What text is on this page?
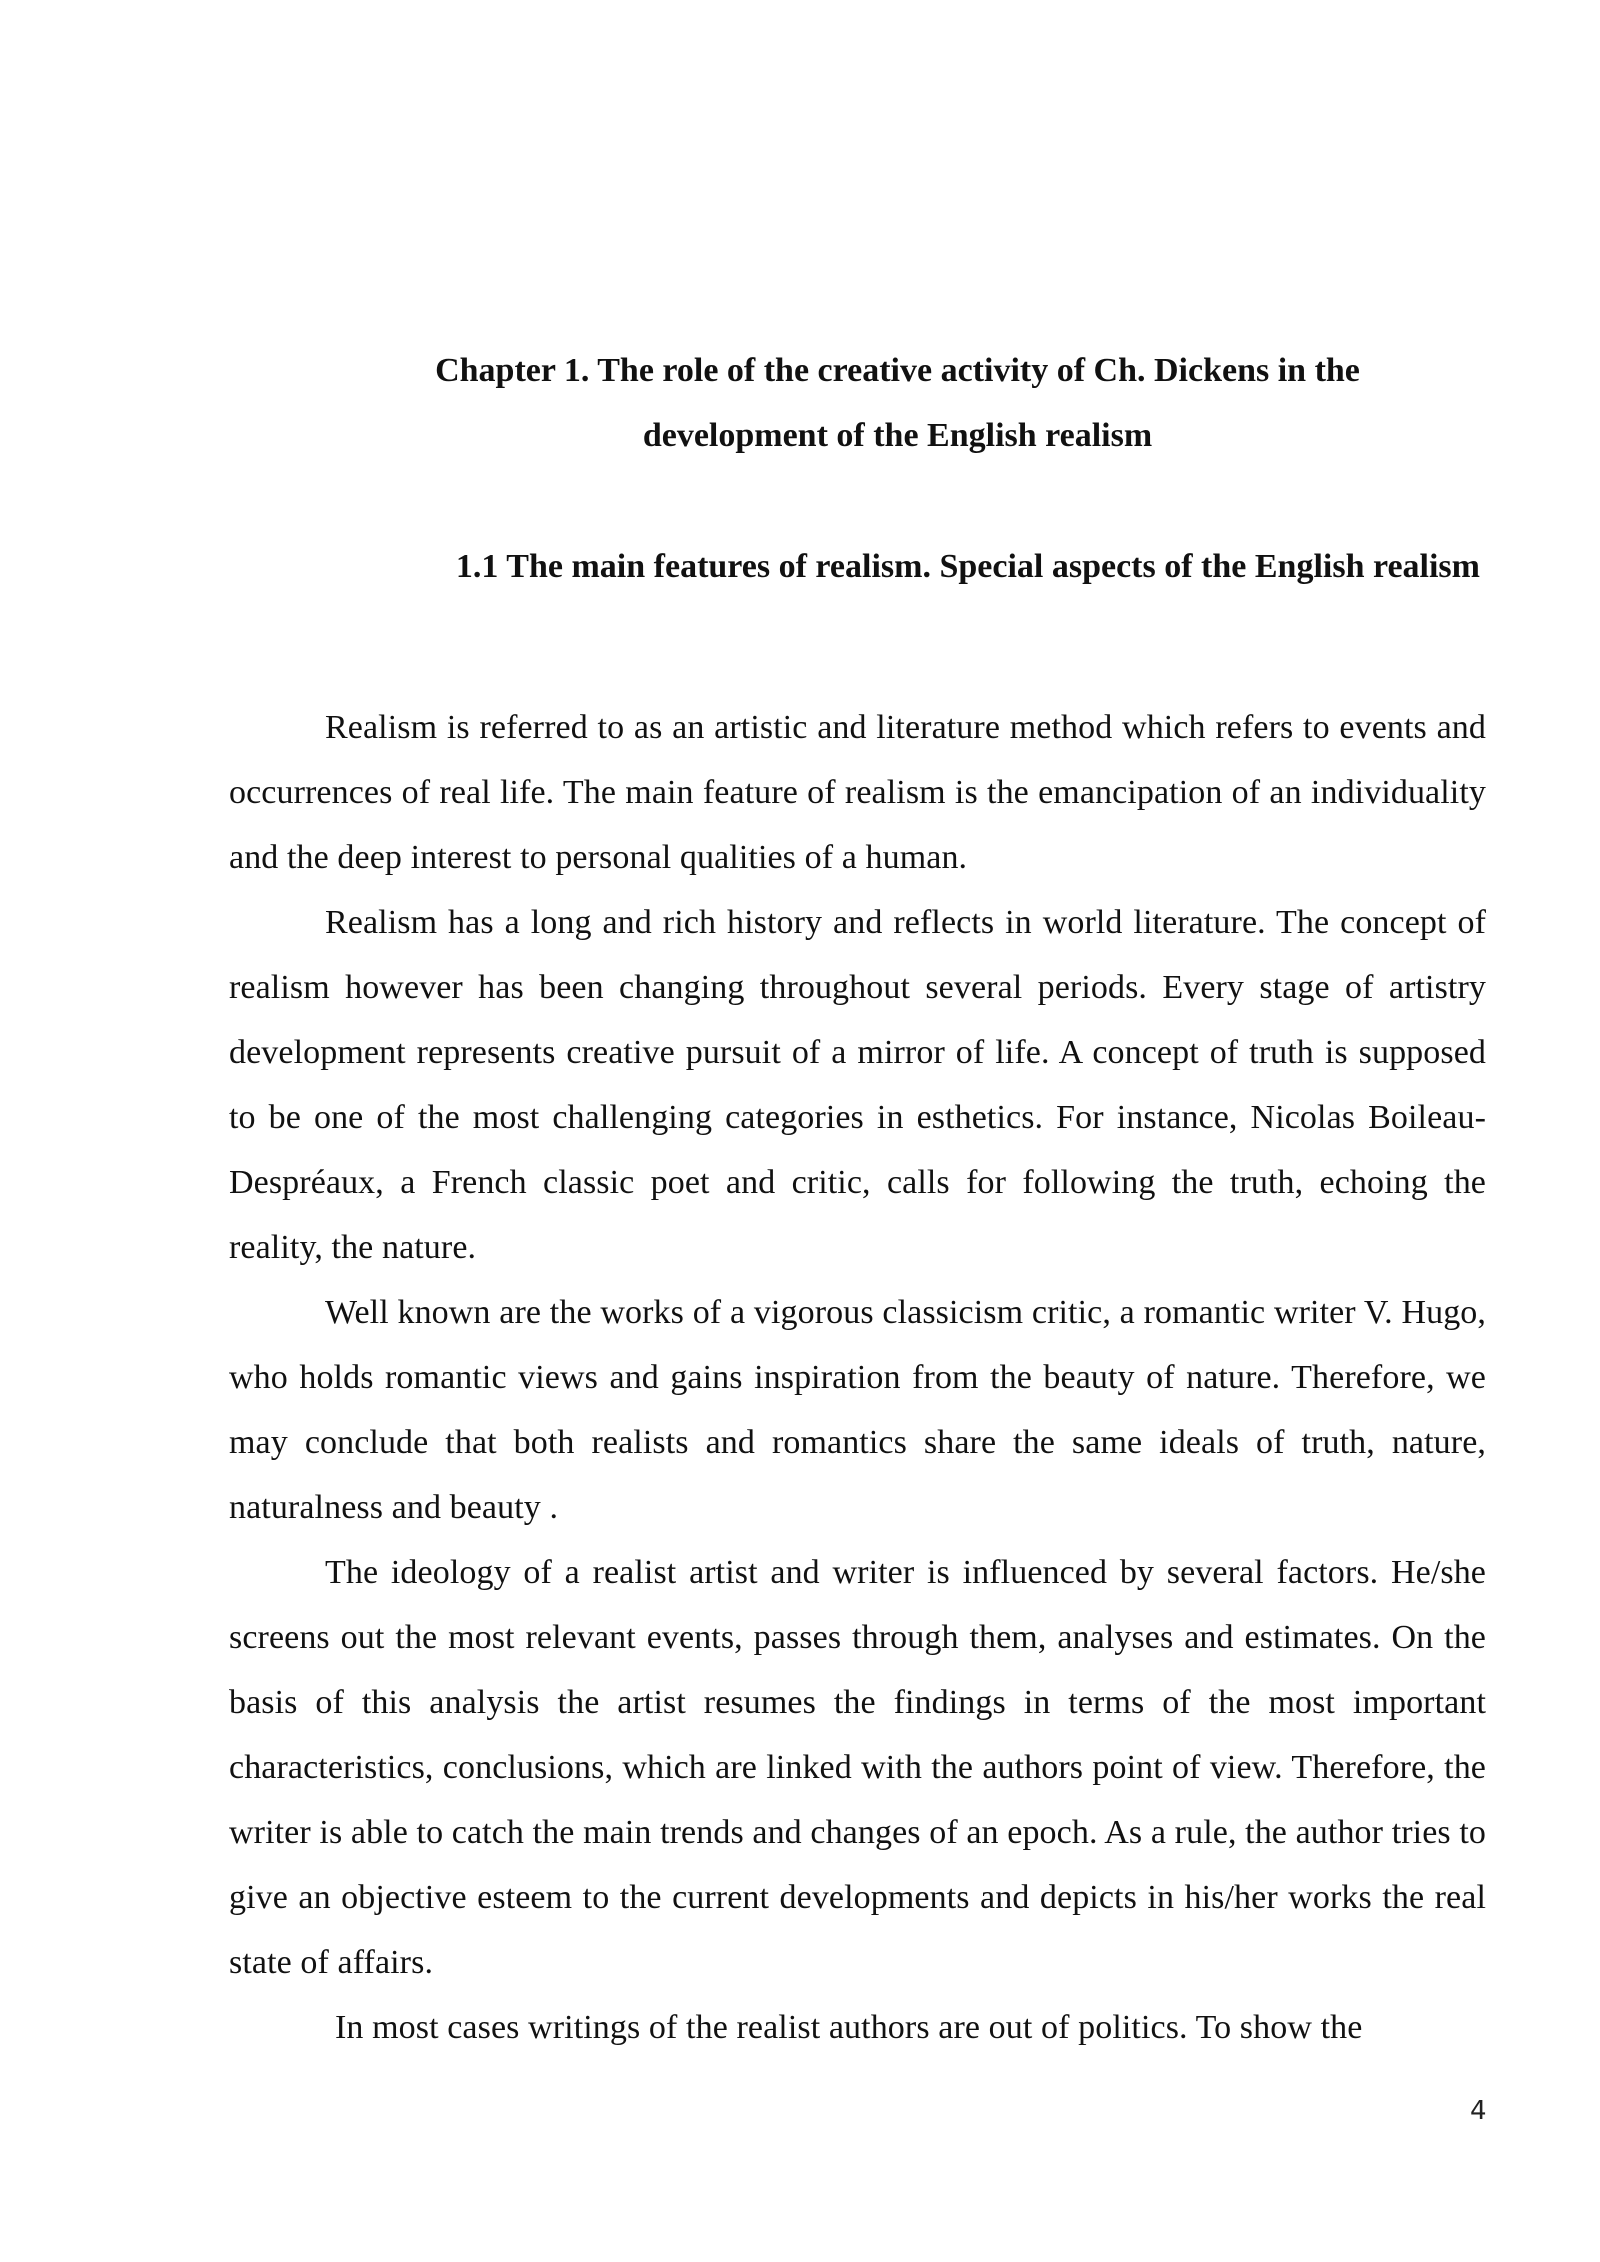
Chapter 1. The role of the creative activity of Ch. Dickens in the
development of the English realism
1.1 The main features of realism. Special aspects of the English realism

Realism is referred to as an artistic and literature method which refers to events and occurrences of real life. The main feature of realism is the emancipation of an individuality and the deep interest to personal qualities of a human.

Realism has a long and rich history and reflects in world literature. The concept of realism however has been changing throughout several periods. Every stage of artistry development represents creative pursuit of a mirror of life. A concept of truth is supposed to be one of the most challenging categories in esthetics. For instance, Nicolas Boileau-Despréaux, a French classic poet and critic, calls for following the truth, echoing the reality, the nature.

Well known are the works of a vigorous classicism critic, a romantic writer V. Hugo, who holds romantic views and gains inspiration from the beauty of nature. Therefore, we may conclude that both realists and romantics share the same ideals of truth, nature, naturalness and beauty .

The ideology of a realist artist and writer is influenced by several factors. He/she screens out the most relevant events, passes through them, analyses and estimates. On the basis of this analysis the artist resumes the findings in terms of the most important characteristics, conclusions, which are linked with the authors point of view. Therefore, the writer is able to catch the main trends and changes of an epoch. As a rule, the author tries to give an objective esteem to the current developments and depicts in his/her works the real state of affairs.

In most cases writings of the realist authors are out of politics. To show the

4
